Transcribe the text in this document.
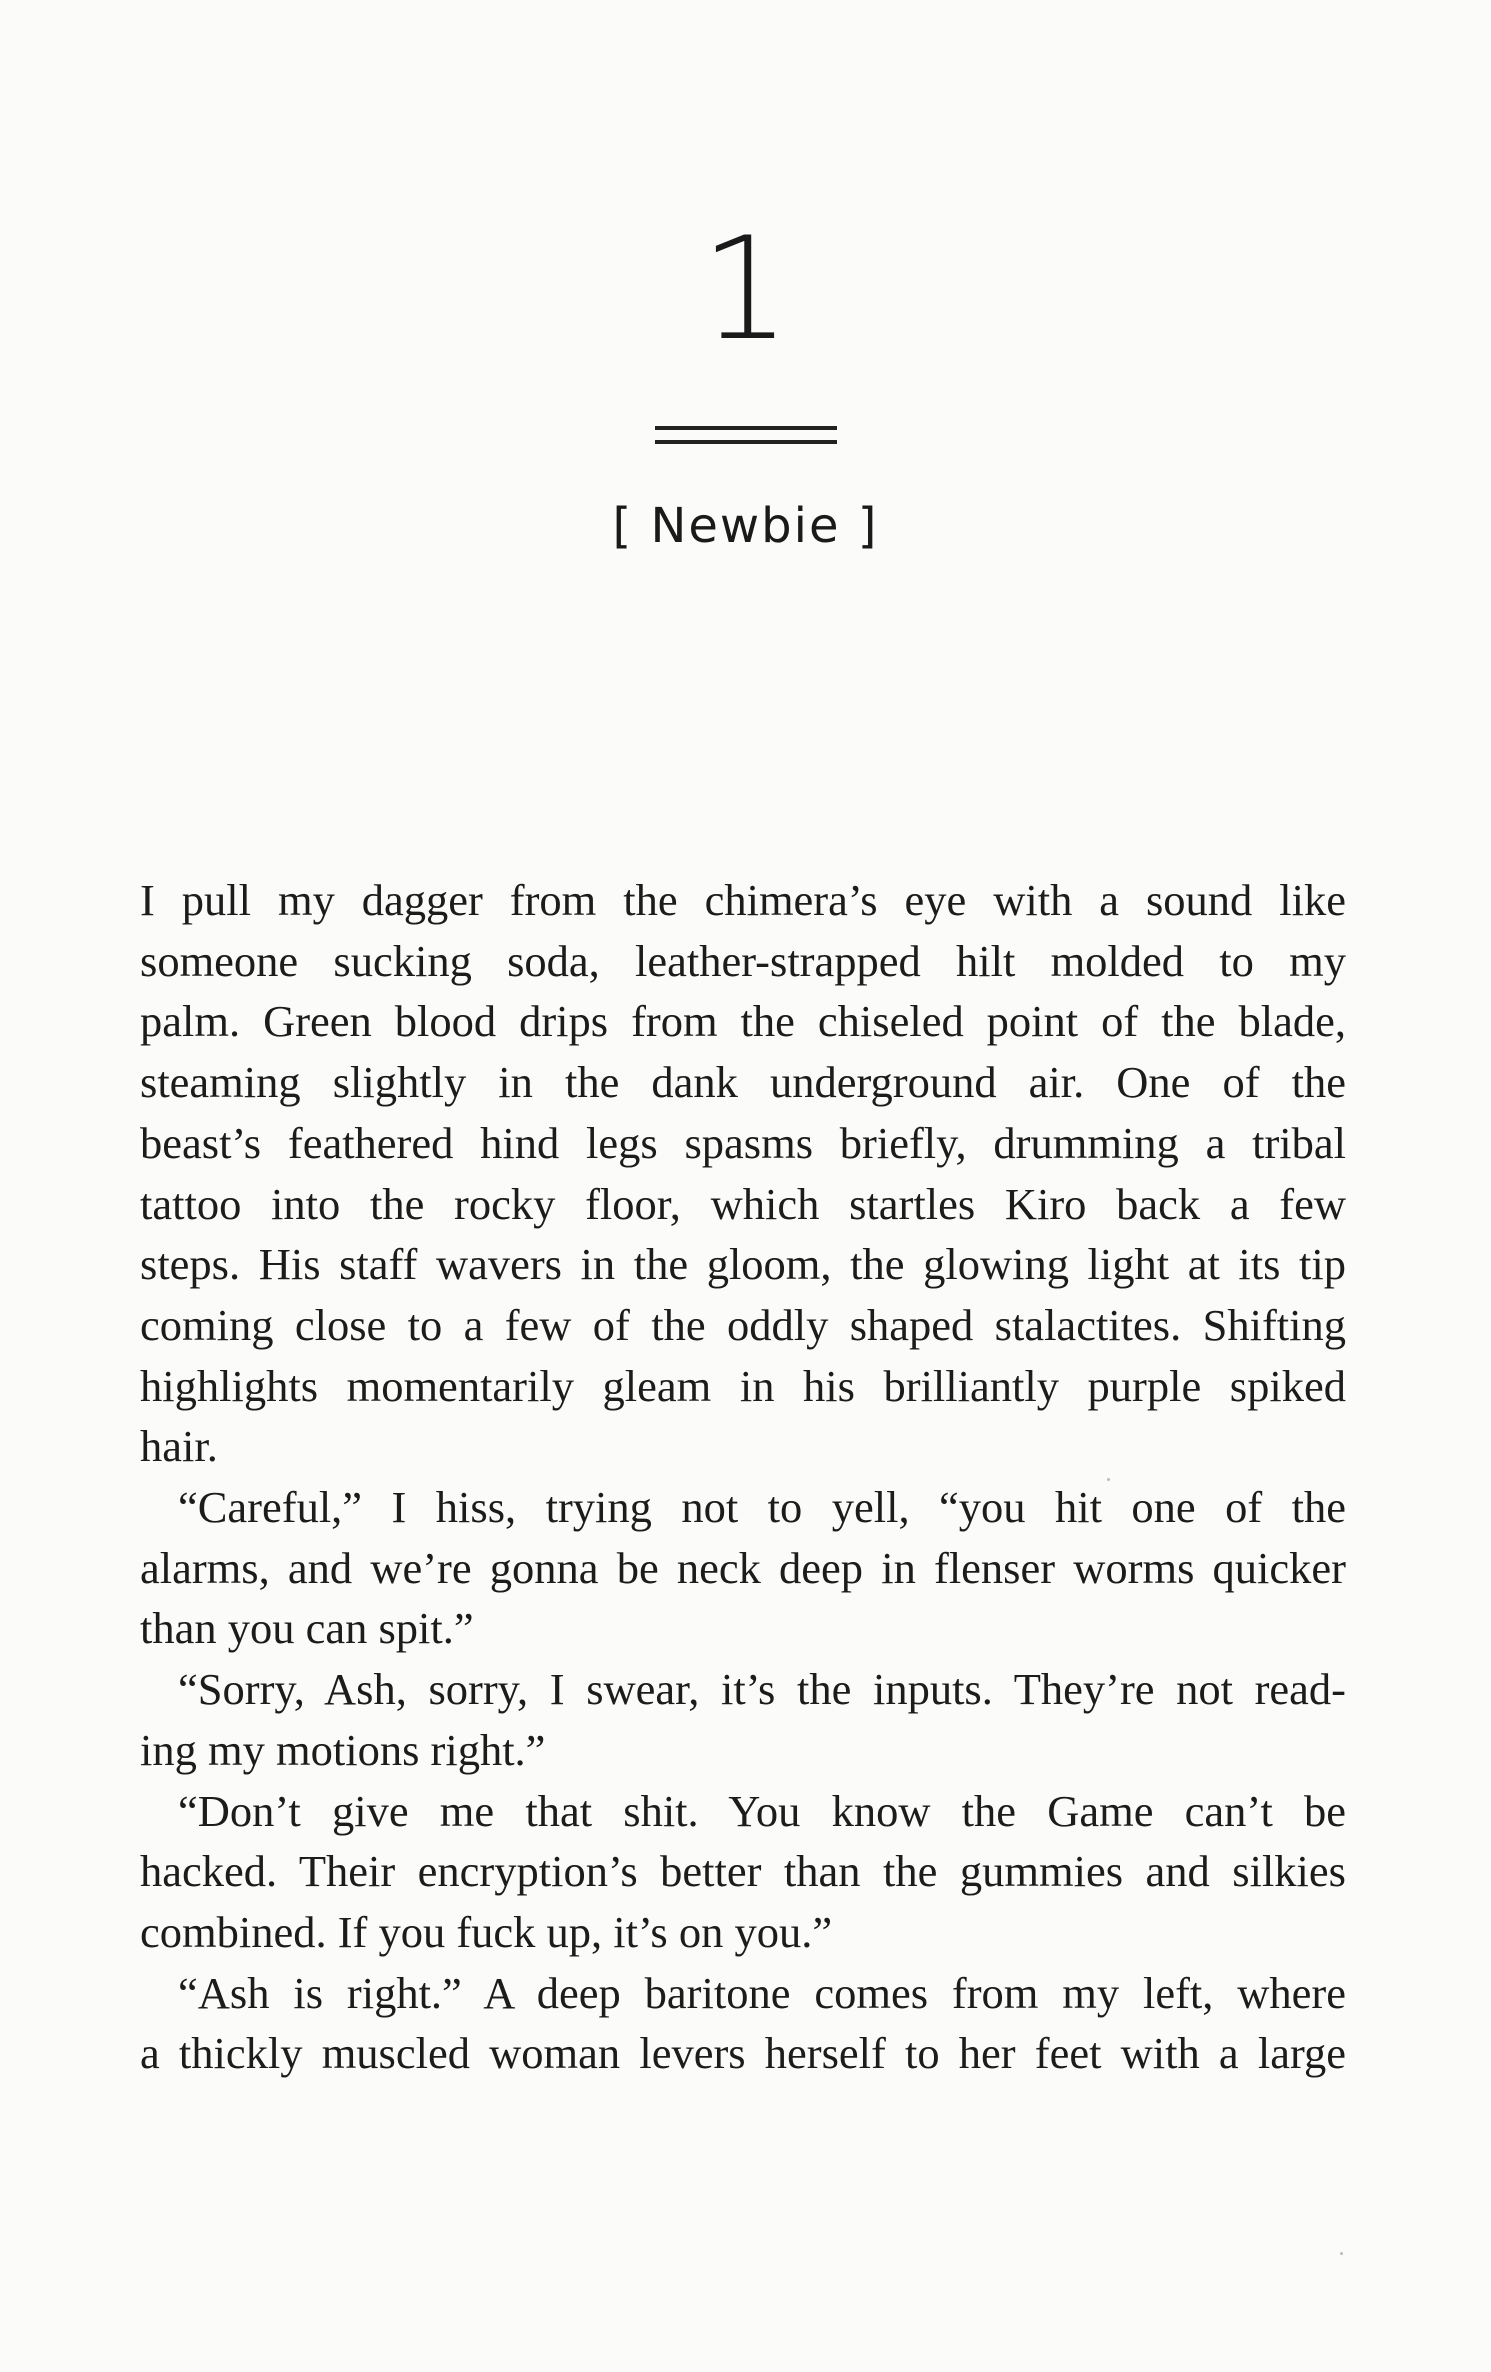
1
[ Newbie ]

I pull my dagger from the chimera’s eye with a sound like

someone sucking soda, leather-strapped hilt molded to my

palm. Green blood drips from the chiseled point of the blade,

steaming slightly in the dank underground air. One of the

beast’s feathered hind legs spasms briefly, drumming a tribal

tattoo into the rocky floor, which startles Kiro back a few

steps. His staff wavers in the gloom, the glowing light at its tip

coming close to a few of the oddly shaped stalactites. Shifting

highlights momentarily gleam in his brilliantly purple spiked

hair.

“Careful,” I hiss, trying not to yell, “you hit one of the

alarms, and we’re gonna be neck deep in flenser worms quicker

than you can spit.”

“Sorry, Ash, sorry, I swear, it’s the inputs. They’re not read-

ing my motions right.”

“Don’t give me that shit. You know the Game can’t be

hacked. Their encryption’s better than the gummies and silkies

combined. If you fuck up, it’s on you.”

“Ash is right.” A deep baritone comes from my left, where

a thickly muscled woman levers herself to her feet with a large
